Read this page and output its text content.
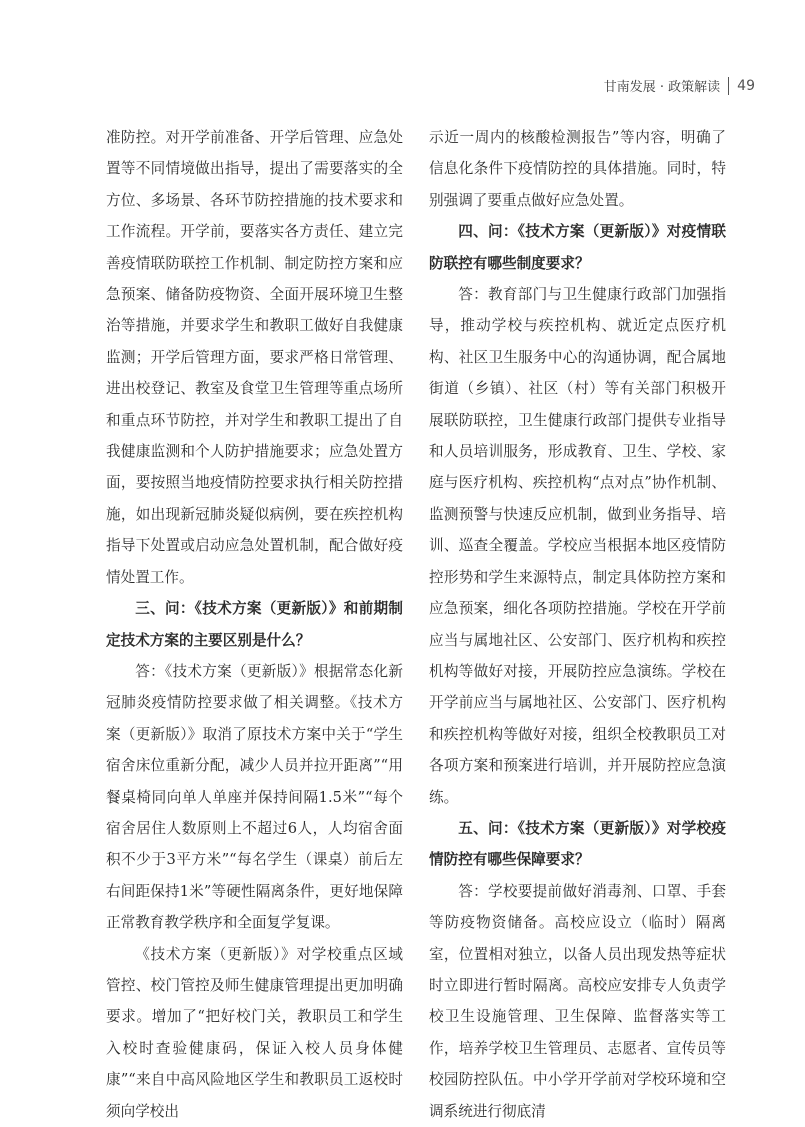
甘南发展 · 政策解读 49

准防控。对开学前准备、开学后管理、应急处置等不同情境做出指导，提出了需要落实的全方位、多场景、各环节防控措施的技术要求和工作流程。开学前，要落实各方责任、建立完善疫情联防联控工作机制、制定防控方案和应急预案、储备防疫物资、全面开展环境卫生整治等措施，并要求学生和教职工做好自我健康监测；开学后管理方面，要求严格日常管理、进出校登记、教室及食堂卫生管理等重点场所和重点环节防控，并对学生和教职工提出了自我健康监测和个人防护措施要求；应急处置方面，要按照当地疫情防控要求执行相关防控措施，如出现新冠肺炎疑似病例，要在疾控机构指导下处置或启动应急处置机制，配合做好疫情处置工作。

三、问：《技术方案（更新版）》和前期制定技术方案的主要区别是什么？

答：《技术方案（更新版）》根据常态化新冠肺炎疫情防控要求做了相关调整。《技术方案（更新版）》取消了原技术方案中关于“学生宿舍床位重新分配，减少人员并拉开距离”“用餐桌椅同向单人单座并保持间隔1.5米”“每个宿舍居住人数原则上不超过6人，人均宿舍面积不少于3平方米”“每名学生（课桌）前后左右间距保持1米”等硬性隔离条件，更好地保障正常教育教学秩序和全面复学复课。

《技术方案（更新版）》对学校重点区域管控、校门管控及师生健康管理提出更加明确要求。增加了“把好校门关，教职员工和学生入校时查验健康码，保证入校人员身体健康”“来自中高风险地区学生和教职员工返校时须向学校出

示近一周内的核酸检测报告”等内容，明确了信息化条件下疫情防控的具体措施。同时，特别强调了要重点做好应急处置。

四、问：《技术方案（更新版）》对疫情联防联控有哪些制度要求？

答：教育部门与卫生健康行政部门加强指导，推动学校与疾控机构、就近定点医疗机构、社区卫生服务中心的沟通协调，配合属地街道（乡镇）、社区（村）等有关部门积极开展联防联控，卫生健康行政部门提供专业指导和人员培训服务，形成教育、卫生、学校、家庭与医疗机构、疾控机构“点对点”协作机制、监测预警与快速反应机制，做到业务指导、培训、巡查全覆盖。学校应当根据本地区疫情防控形势和学生来源特点，制定具体防控方案和应急预案，细化各项防控措施。学校在开学前应当与属地社区、公安部门、医疗机构和疾控机构等做好对接，开展防控应急演练。学校在开学前应当与属地社区、公安部门、医疗机构和疾控机构等做好对接，组织全校教职员工对各项方案和预案进行培训，并开展防控应急演练。

五、问：《技术方案（更新版）》对学校疫情防控有哪些保障要求？

答：学校要提前做好消毒剂、口罩、手套等防疫物资储备。高校应设立（临时）隔离室，位置相对独立，以备人员出现发热等症状时立即进行暂时隔离。高校应安排专人负责学校卫生设施管理、卫生保障、监督落实等工作，培养学校卫生管理员、志愿者、宣传员等校园防控队伍。中小学开学前对学校环境和空调系统进行彻底清
